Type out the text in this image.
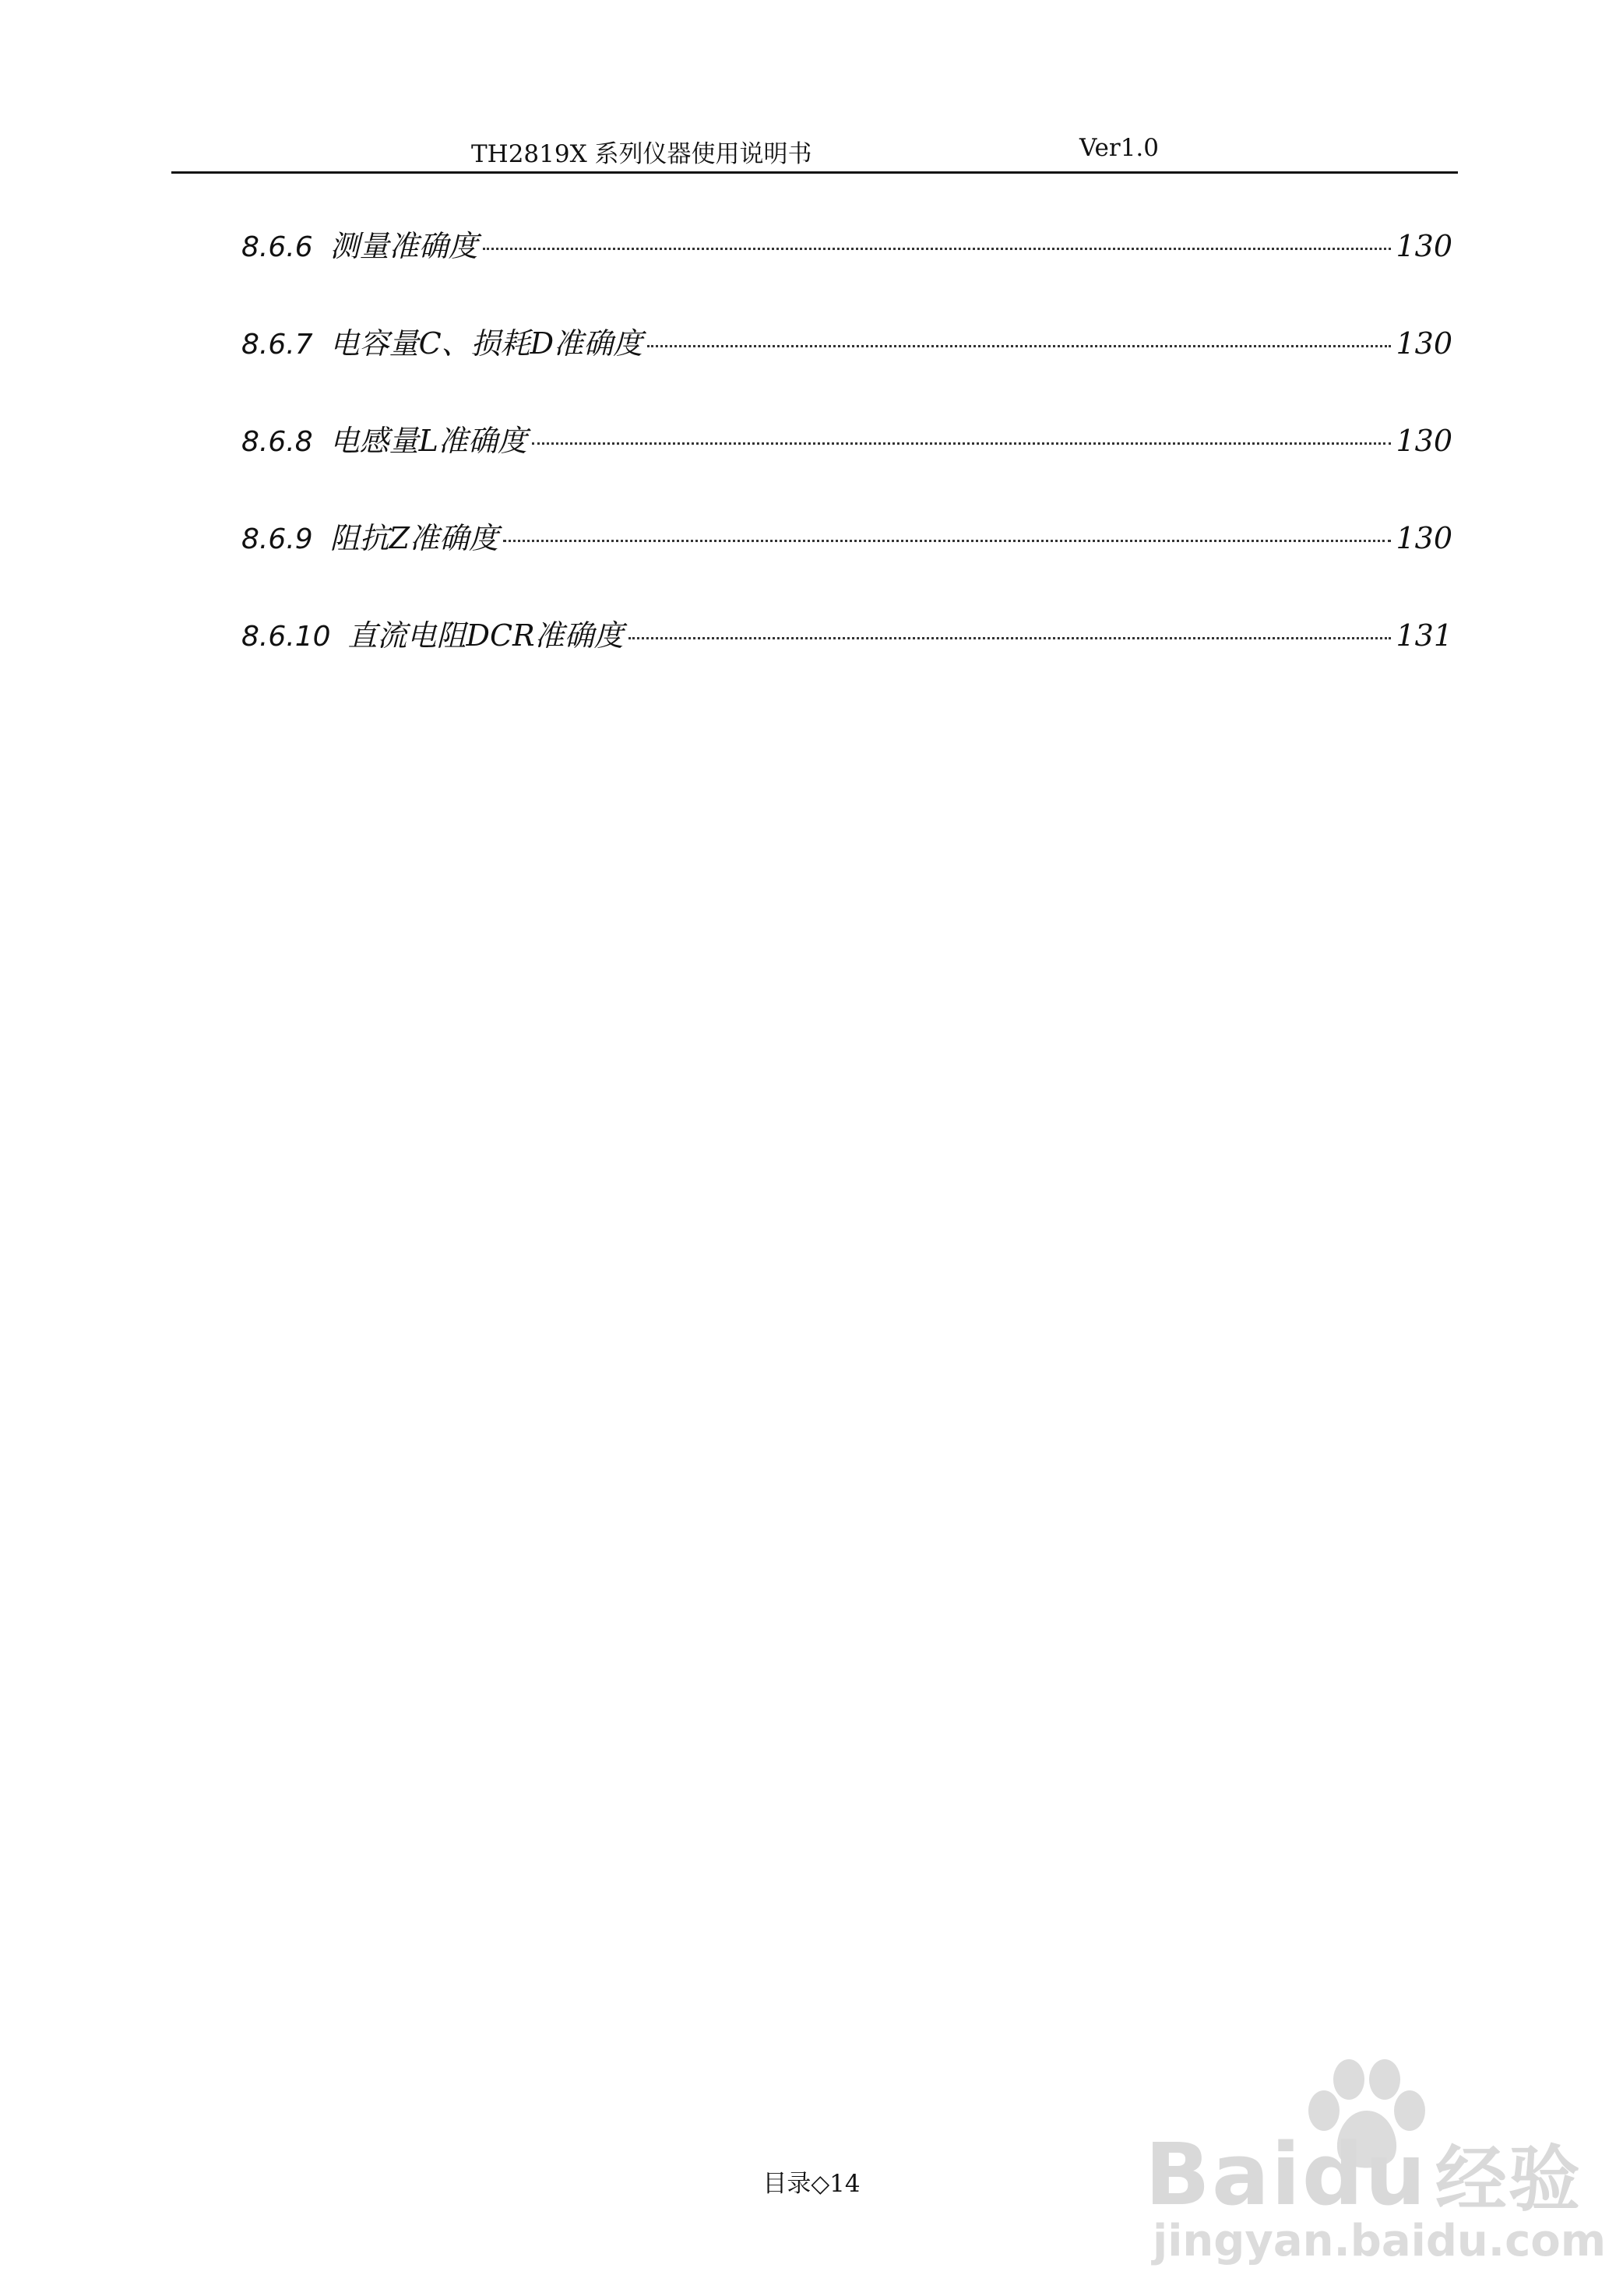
TH2819X 系列仪器使用说明书	Ver1.0
8.6.6 测量准确度	130
8.6.7 电容量C、损耗D准确度	130
8.6.8 电感量L准确度	130
8.6.9 阻抗Z准确度	130
8.6.10 直流电阻DCR准确度	131
目录◇14	Baidu 经验
jingyan.baidu.com
